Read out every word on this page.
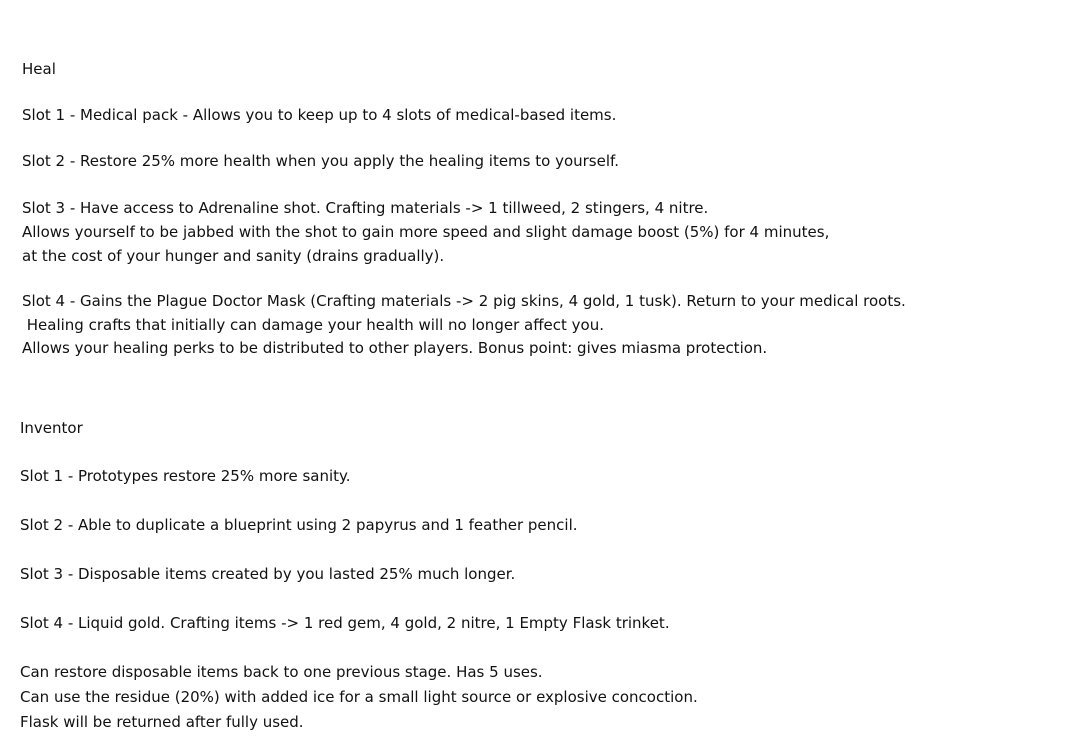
Heal
Slot 1 - Medical pack - Allows you to keep up to 4 slots of medical-based items.
Slot 2 - Restore 25% more health when you apply the healing items to yourself.
Slot 3 - Have access to Adrenaline shot. Crafting materials -> 1 tillweed, 2 stingers, 4 nitre.
Allows yourself to be jabbed with the shot to gain more speed and slight damage boost (5%) for 4 minutes,
at the cost of your hunger and sanity (drains gradually).
Slot 4 - Gains the Plague Doctor Mask (Crafting materials -> 2 pig skins, 4 gold, 1 tusk). Return to your medical roots.
Healing crafts that initially can damage your health will no longer affect you.
Allows your healing perks to be distributed to other players. Bonus point: gives miasma protection.
Inventor
Slot 1 - Prototypes restore 25% more sanity.
Slot 2 - Able to duplicate a blueprint using 2 papyrus and 1 feather pencil.
Slot 3 - Disposable items created by you lasted 25% much longer.
Slot 4 - Liquid gold. Crafting items -> 1 red gem, 4 gold, 2 nitre, 1 Empty Flask trinket.
Can restore disposable items back to one previous stage. Has 5 uses.
Can use the residue (20%) with added ice for a small light source or explosive concoction.
Flask will be returned after fully used.
